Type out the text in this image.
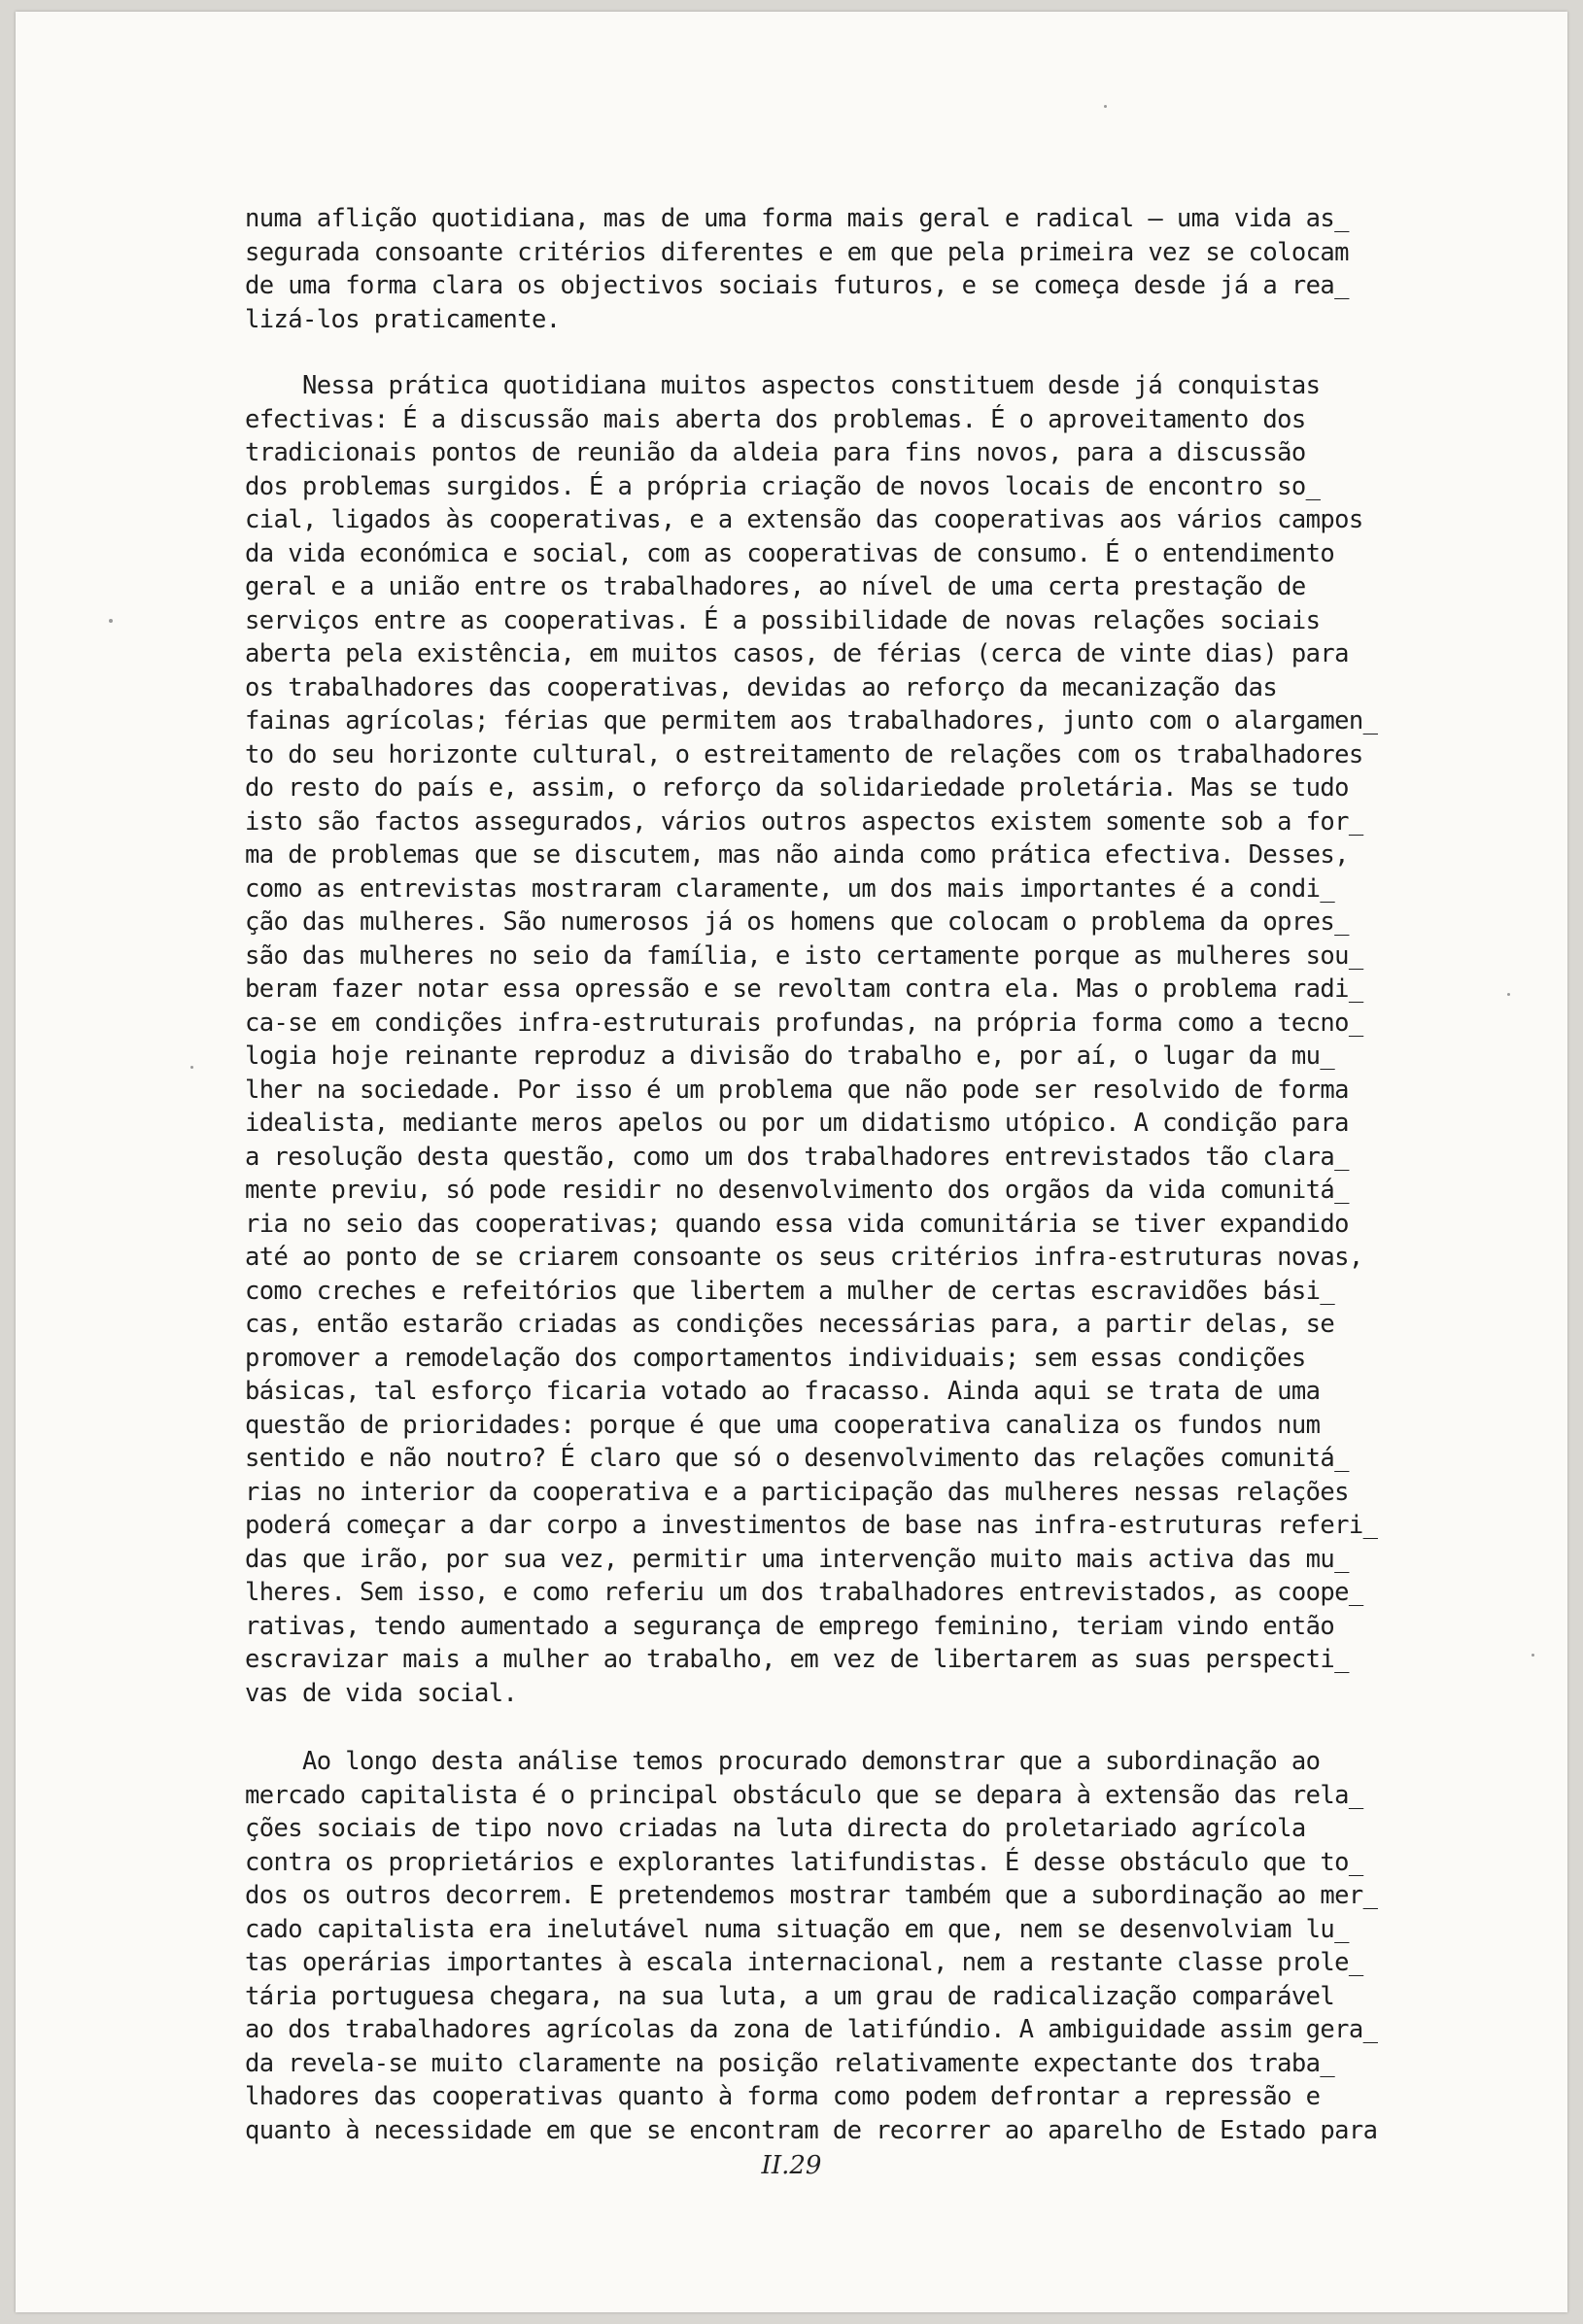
numa aflição quotidiana, mas de uma forma mais geral e radical — uma vida as_
segurada consoante critérios diferentes e em que pela primeira vez se colocam
de uma forma clara os objectivos sociais futuros, e se começa desde já a rea_
lizá-los praticamente.
Nessa prática quotidiana muitos aspectos constituem desde já conquistas
efectivas: É a discussão mais aberta dos problemas. É o aproveitamento dos
tradicionais pontos de reunião da aldeia para fins novos, para a discussão
dos problemas surgidos. É a própria criação de novos locais de encontro so_
cial, ligados às cooperativas, e a extensão das cooperativas aos vários campos
da vida económica e social, com as cooperativas de consumo. É o entendimento
geral e a união entre os trabalhadores, ao nível de uma certa prestação de
serviços entre as cooperativas. É a possibilidade de novas relações sociais
aberta pela existência, em muitos casos, de férias (cerca de vinte dias) para
os trabalhadores das cooperativas, devidas ao reforço da mecanização das
fainas agrícolas; férias que permitem aos trabalhadores, junto com o alargamen_
to do seu horizonte cultural, o estreitamento de relações com os trabalhadores
do resto do país e, assim, o reforço da solidariedade proletária. Mas se tudo
isto são factos assegurados, vários outros aspectos existem somente sob a for_
ma de problemas que se discutem, mas não ainda como prática efectiva. Desses,
como as entrevistas mostraram claramente, um dos mais importantes é a condi_
ção das mulheres. São numerosos já os homens que colocam o problema da opres_
são das mulheres no seio da família, e isto certamente porque as mulheres sou_
beram fazer notar essa opressão e se revoltam contra ela. Mas o problema radi_
ca-se em condições infra-estruturais profundas, na própria forma como a tecno_
logia hoje reinante reproduz a divisão do trabalho e, por aí, o lugar da mu_
lher na sociedade. Por isso é um problema que não pode ser resolvido de forma
idealista, mediante meros apelos ou por um didatismo utópico. A condição para
a resolução desta questão, como um dos trabalhadores entrevistados tão clara_
mente previu, só pode residir no desenvolvimento dos orgãos da vida comunitá_
ria no seio das cooperativas; quando essa vida comunitária se tiver expandido
até ao ponto de se criarem consoante os seus critérios infra-estruturas novas,
como creches e refeitórios que libertem a mulher de certas escravidões bási_
cas, então estarão criadas as condições necessárias para, a partir delas, se
promover a remodelação dos comportamentos individuais; sem essas condições
básicas, tal esforço ficaria votado ao fracasso. Ainda aqui se trata de uma
questão de prioridades: porque é que uma cooperativa canaliza os fundos num
sentido e não noutro? É claro que só o desenvolvimento das relações comunitá_
rias no interior da cooperativa e a participação das mulheres nessas relações
poderá começar a dar corpo a investimentos de base nas infra-estruturas referi_
das que irão, por sua vez, permitir uma intervenção muito mais activa das mu_
lheres. Sem isso, e como referiu um dos trabalhadores entrevistados, as coope_
rativas, tendo aumentado a segurança de emprego feminino, teriam vindo então
escravizar mais a mulher ao trabalho, em vez de libertarem as suas perspecti_
vas de vida social.
Ao longo desta análise temos procurado demonstrar que a subordinação ao
mercado capitalista é o principal obstáculo que se depara à extensão das rela_
ções sociais de tipo novo criadas na luta directa do proletariado agrícola
contra os proprietários e explorantes latifundistas. É desse obstáculo que to_
dos os outros decorrem. E pretendemos mostrar também que a subordinação ao mer_
cado capitalista era inelutável numa situação em que, nem se desenvolviam lu_
tas operárias importantes à escala internacional, nem a restante classe prole_
tária portuguesa chegara, na sua luta, a um grau de radicalização comparável
ao dos trabalhadores agrícolas da zona de latifúndio. A ambiguidade assim gera_
da revela-se muito claramente na posição relativamente expectante dos traba_
lhadores das cooperativas quanto à forma como podem defrontar a repressão e
quanto à necessidade em que se encontram de recorrer ao aparelho de Estado para
II.29
